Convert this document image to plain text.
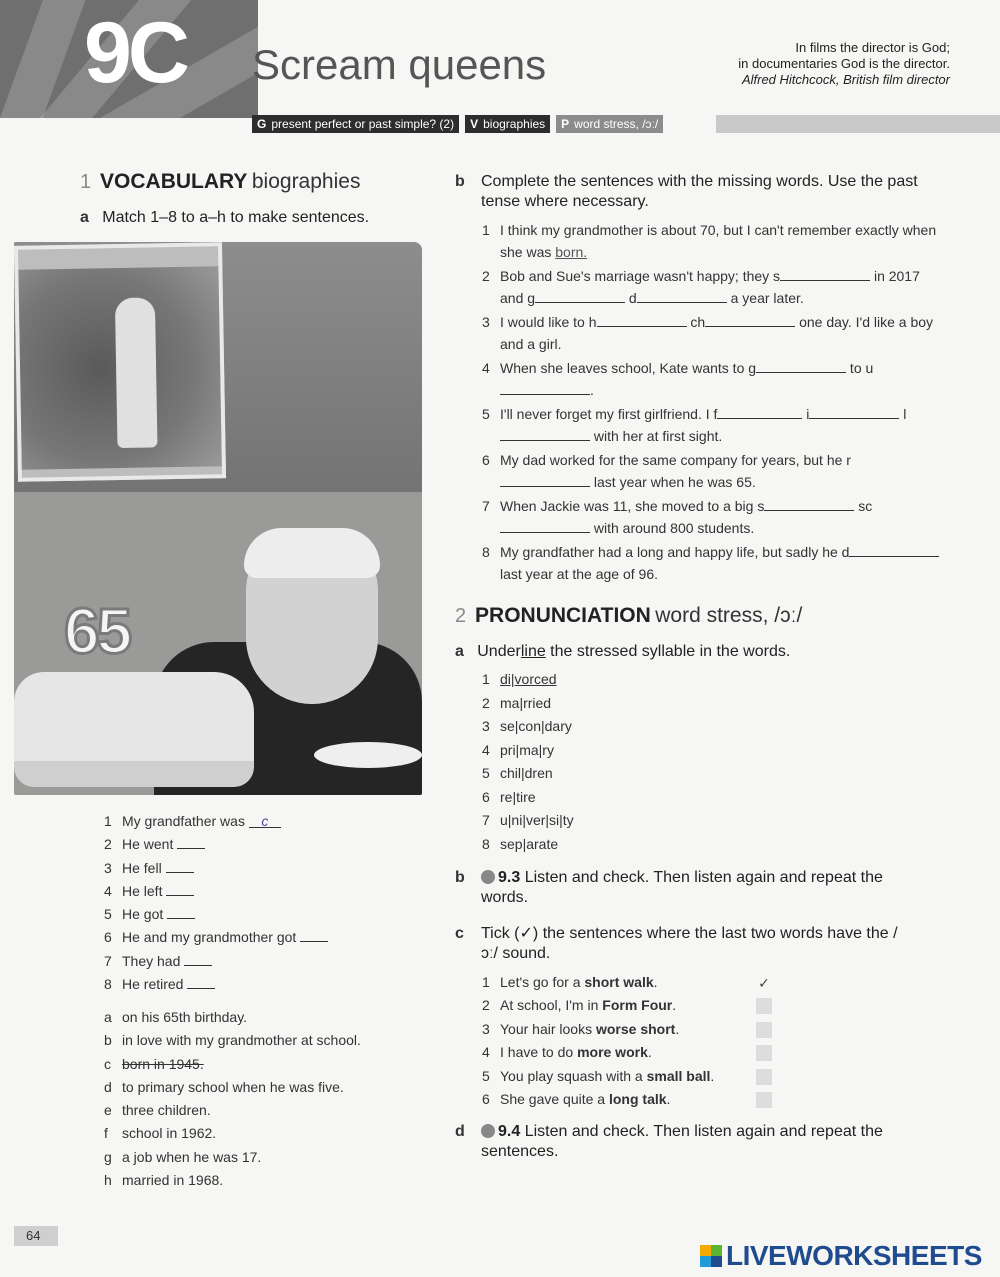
9C Scream queens	In films the director is God;
in documentaries God is the director.
Alfred Hitchcock, British film director
G present perfect or past simple? (2) V biographies P word stress, /ɔː/
1 VOCABULARY biographies
a Match 1–8 to a–h to make sentences.
65
1 My grandfather was c
2 He went
3 He fell
4 He left
5 He got
6 He and my grandmother got
7 They had
8 He retired
a on his 65th birthday.
b in love with my grandmother at school.
c born in 1945.
d to primary school when he was five.
e three children.
f school in 1962.
g a job when he was 17.
h married in 1968.
b	Complete the sentences with the missing words. Use the past tense where necessary.
1 I think my grandmother is about 70, but I can't remember exactly when she was born.
2 Bob and Sue's marriage wasn't happy; they s	in 2017 and g	d	a year later.
3 I would like to h	ch	one day. I'd like a boy and a girl.
4 When she leaves school, Kate wants to g	to u.
5 I'll never forget my first girlfriend. I f	i	l with her at first sight.
6 My dad worked for the same company for years, but he r last year when he was 65.
7 When Jackie was 11, she moved to a big s	sc with around 800 students.
8 My grandfather had a long and happy life, but sadly he d last year at the age of 96.
2 PRONUNCIATION word stress, /ɔː/
a Underline the stressed syllable in the words.
1 di|vorced
2 ma|rried
3 se|con|dary
4 pri|ma|ry
5 chil|dren
6 re|tire
7 u|ni|ver|si|ty
8 sep|arate
b	9.3 Listen and check. Then listen again and repeat the words.
c	Tick (✓) the sentences where the last two words have the /ɔː/ sound.
1 Let's go for a short walk.	✓
2 At school, I'm in Form Four.
3 Your hair looks worse short.
4 I have to do more work.
5 You play squash with a small ball.
6 She gave quite a long talk.
d	9.4 Listen and check. Then listen again and repeat the sentences.
64
LIVEWORKSHEETS
